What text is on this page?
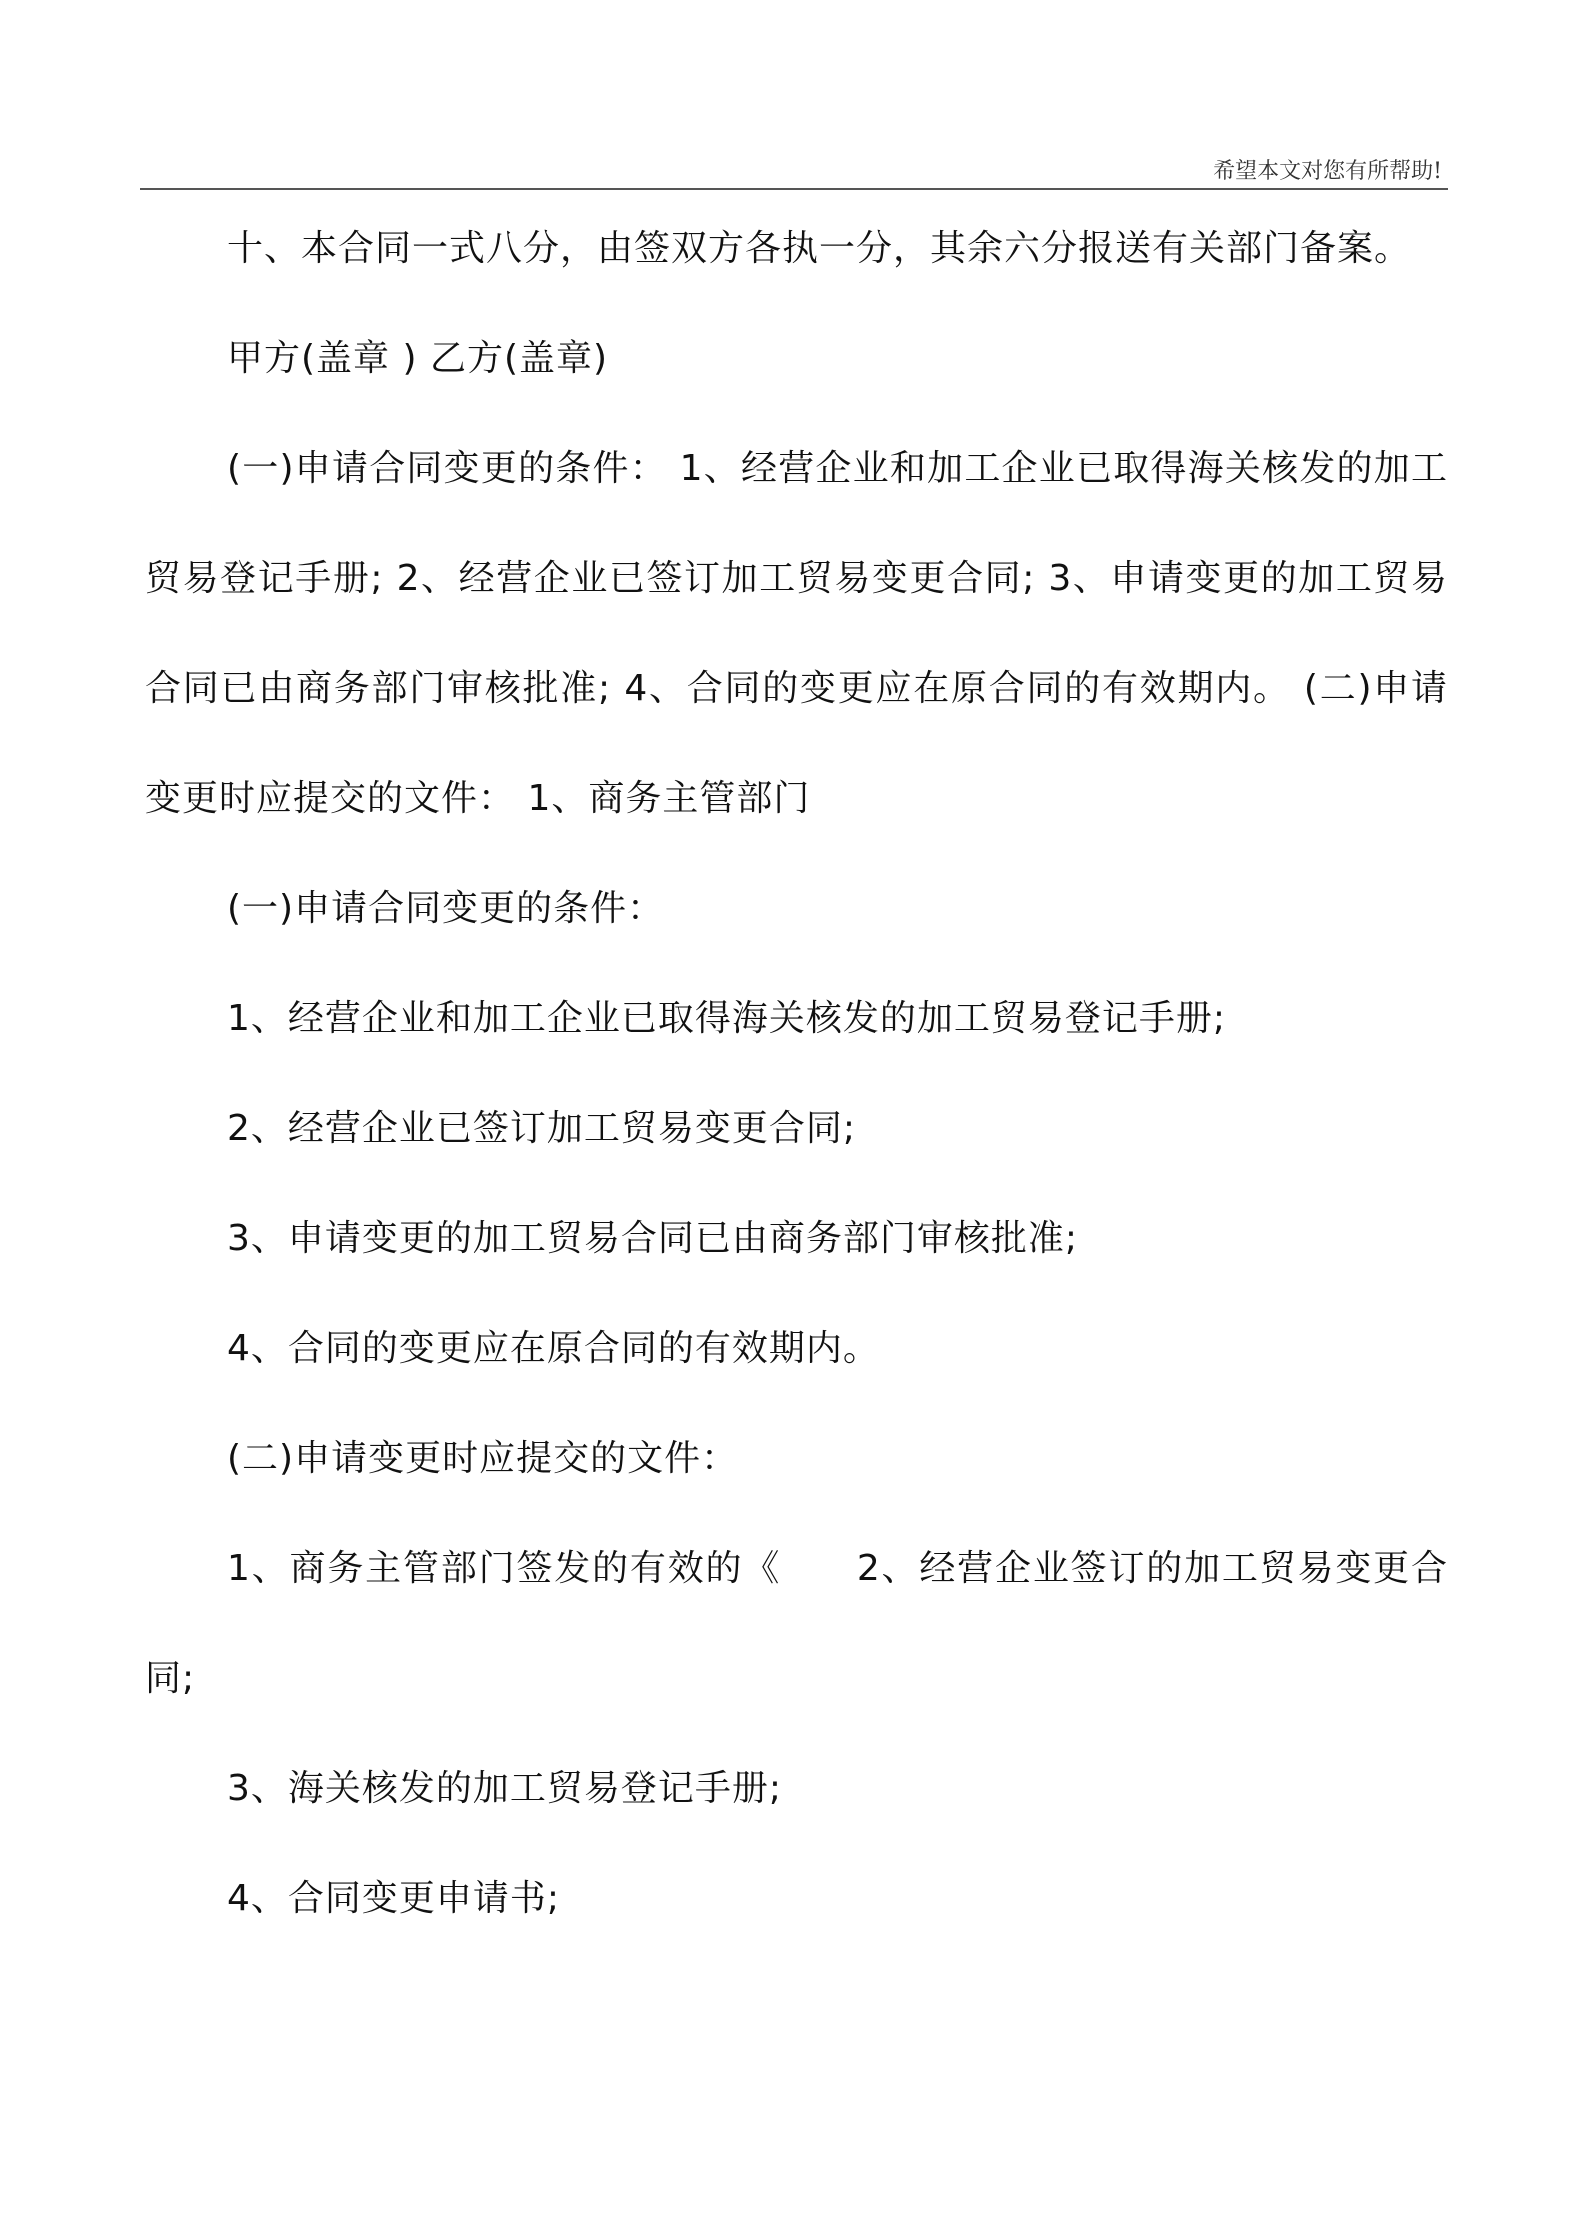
希望本文对您有所帮助!

十、本合同一式八分，由签双方各执一分，其余六分报送有关部门备案。

甲方(盖章 ) 乙方(盖章)

(一)申请合同变更的条件： 1、经营企业和加工企业已取得海关核发的加工贸易登记手册; 2、经营企业已签订加工贸易变更合同; 3、申请变更的加工贸易合同已由商务部门审核批准; 4、合同的变更应在原合同的有效期内。 (二)申请变更时应提交的文件： 1、商务主管部门

(一)申请合同变更的条件：

1、经营企业和加工企业已取得海关核发的加工贸易登记手册;

2、经营企业已签订加工贸易变更合同;

3、申请变更的加工贸易合同已由商务部门审核批准;

4、合同的变更应在原合同的有效期内。

(二)申请变更时应提交的文件：

1、商务主管部门签发的有效的《　　2、经营企业签订的加工贸易变更合同;

3、海关核发的加工贸易登记手册;

4、合同变更申请书;
